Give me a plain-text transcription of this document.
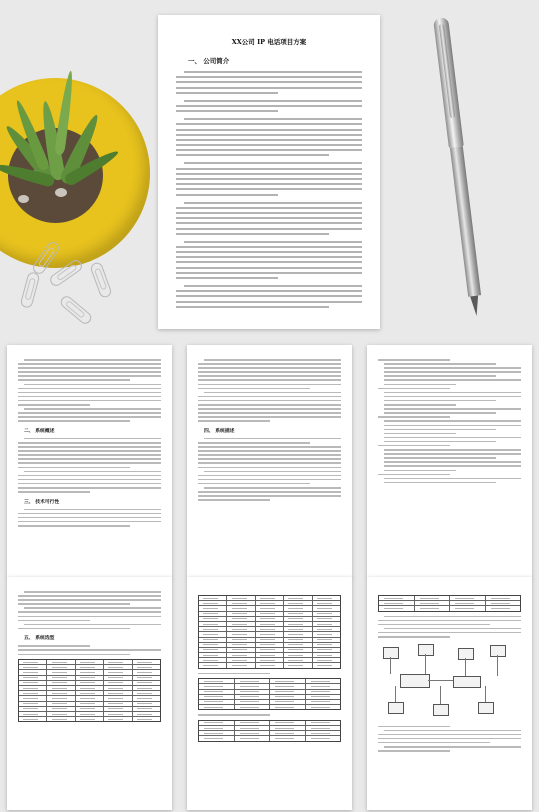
XX公司 IP 电话项目方案
一、 公司简介
二、 系统概述
三、 技术可行性
四、 系统描述
五、 系统选型
